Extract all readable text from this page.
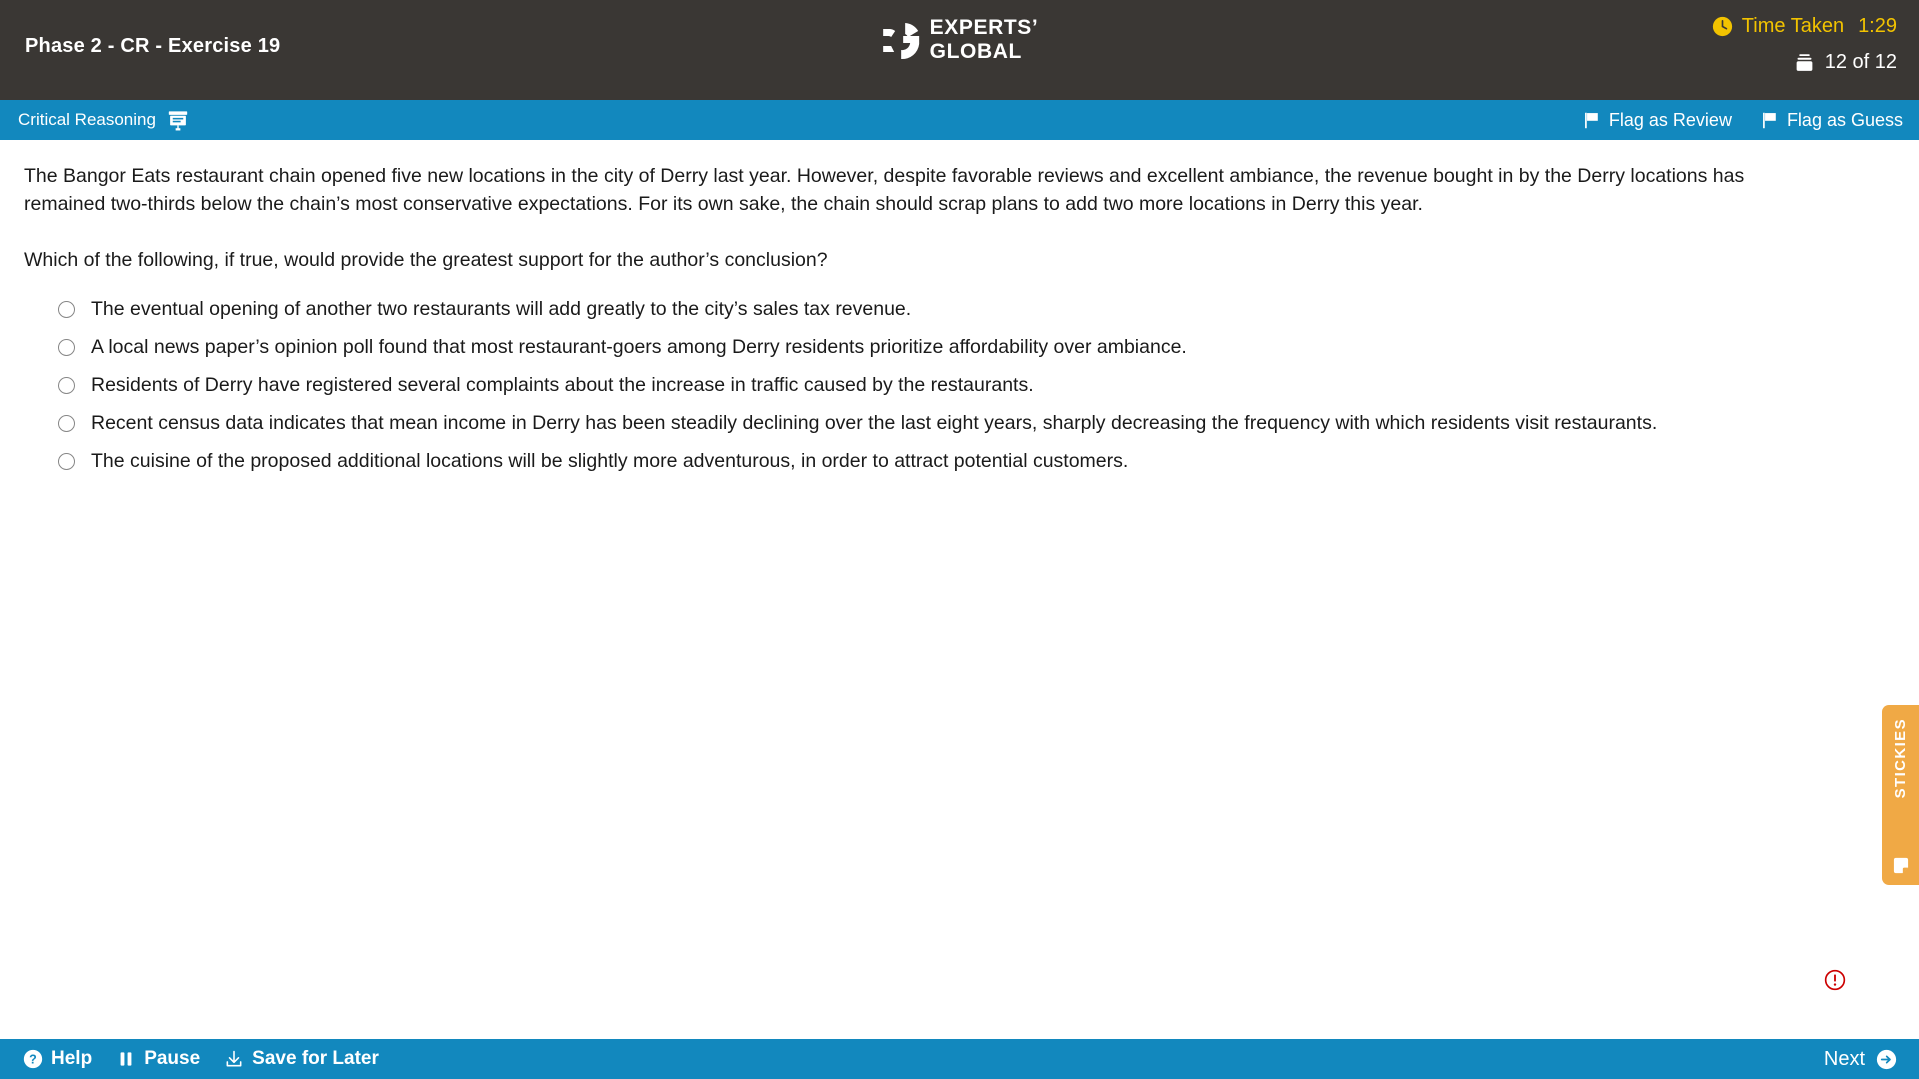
Phase 2 - CR - Exercise 19
EXPERTS’
GLOBAL
Time Taken 1:29
12 of 12
Critical Reasoning	Flag as Review	Flag as Guess
The Bangor Eats restaurant chain opened five new locations in the city of Derry last year. However, despite favorable reviews and excellent ambiance, the revenue bought in by the Derry locations has remained two-thirds below the chain’s most conservative expectations. For its own sake, the chain should scrap plans to add two more locations in Derry this year.
Which of the following, if true, would provide the greatest support for the author’s conclusion?
The eventual opening of another two restaurants will add greatly to the city’s sales tax revenue.
A local news paper’s opinion poll found that most restaurant-goers among Derry residents prioritize affordability over ambiance.
Residents of Derry have registered several complaints about the increase in traffic caused by the restaurants.
Recent census data indicates that mean income in Derry has been steadily declining over the last eight years, sharply decreasing the frequency with which residents visit restaurants.
The cuisine of the proposed additional locations will be slightly more adventurous, in order to attract potential customers.
STICKIES
? Help	Pause	Save for Later	Next
